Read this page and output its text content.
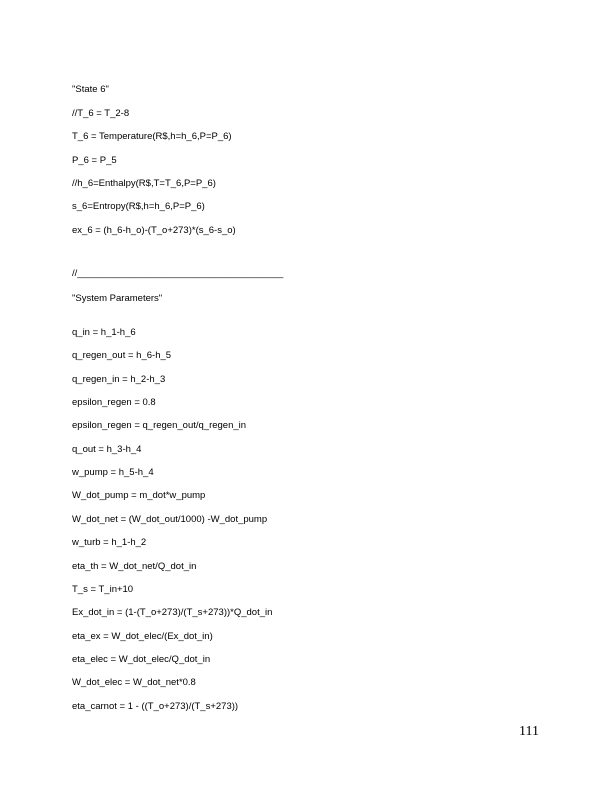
"State 6"
//T_6 = T_2-8
T_6 = Temperature(R$,h=h_6,P=P_6)
P_6 = P_5
//h_6=Enthalpy(R$,T=T_6,P=P_6)
s_6=Entropy(R$,h=h_6,P=P_6)
ex_6 = (h_6-h_o)-(T_o+273)*(s_6-s_o)
//_______________________________________
"System Parameters"
q_in = h_1-h_6
q_regen_out = h_6-h_5
q_regen_in = h_2-h_3
epsilon_regen = 0.8
epsilon_regen = q_regen_out/q_regen_in
q_out = h_3-h_4
w_pump = h_5-h_4
W_dot_pump = m_dot*w_pump
W_dot_net = (W_dot_out/1000) -W_dot_pump
w_turb = h_1-h_2
eta_th = W_dot_net/Q_dot_in
T_s = T_in+10
Ex_dot_in = (1-(T_o+273)/(T_s+273))*Q_dot_in
eta_ex = W_dot_elec/(Ex_dot_in)
eta_elec = W_dot_elec/Q_dot_in
W_dot_elec = W_dot_net*0.8
eta_carnot = 1 - ((T_o+273)/(T_s+273))
111
